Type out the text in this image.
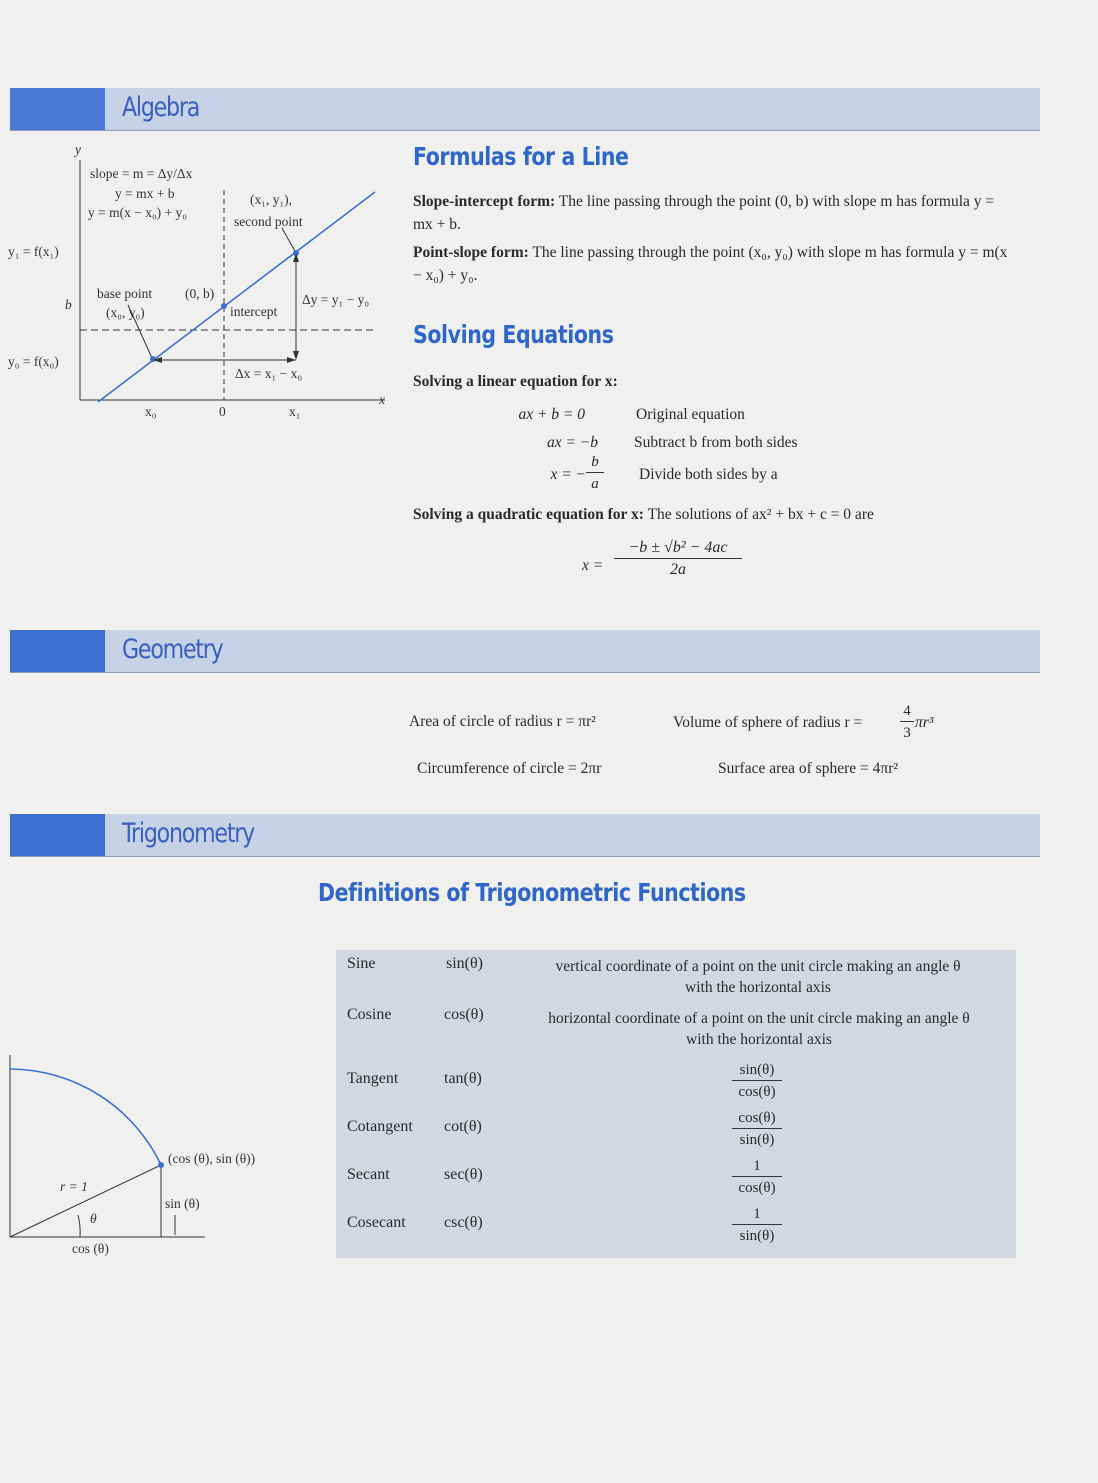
Algebra
y
x
slope = m = Δy/Δx
y = mx + b
y = m(x − x₀) + y₀
(x₁, y₁),
second point
y₁ = f(x₁)
b
y₀ = f(x₀)
base point
(x₀, y₀)
(0, b)
intercept
Δy = y₁ − y₀
Δx = x₁ − x₀
x₀	0	x₁
Formulas for a Line
Slope-intercept form: The line passing through the point (0, b) with slope m has formula y = mx + b.
Point-slope form: The line passing through the point (x₀, y₀) with slope m has formula y = m(x − x₀) + y₀.
Solving Equations
Solving a linear equation for x:
ax + b = 0	Original equation
ax = −b Subtract b from both sides
x = − $\frac{b}{a}$ Divide both sides by a
Solving a quadratic equation for x: The solutions of ax² + bx + c = 0 are
$x = \frac{\text{−b ± √b² − 4ac}}{2a}$
Geometry
Area of circle of radius r = πr²	Volume of sphere of radius r =	$\frac{4}{3} \pi r^3$
Circumference of circle = 2πr	Surface area of sphere = 4πr²
Trigonometry
Definitions of Trigonometric Functions
(cos (θ), sin (θ))
r = 1
θ
sin (θ)
cos (θ)
Sine	sin(θ)	vertical coordinate of a point on the unit circle making an angle θ
with the horizontal axis
Cosine	cos(θ)	horizontal coordinate of a point on the unit circle making an angle θ
with the horizontal axis
Tangent	tan(θ)	$\frac{\sin(\theta)}{\cos(\theta)}$
Cotangent cot(θ)	$\frac{\cos(\theta)}{\sin(\theta)}$
Secant	sec(θ)	$\frac{1}{\cos(\theta)}$
Cosecant csc(θ)	$\frac{1}{\sin(\theta)}$
